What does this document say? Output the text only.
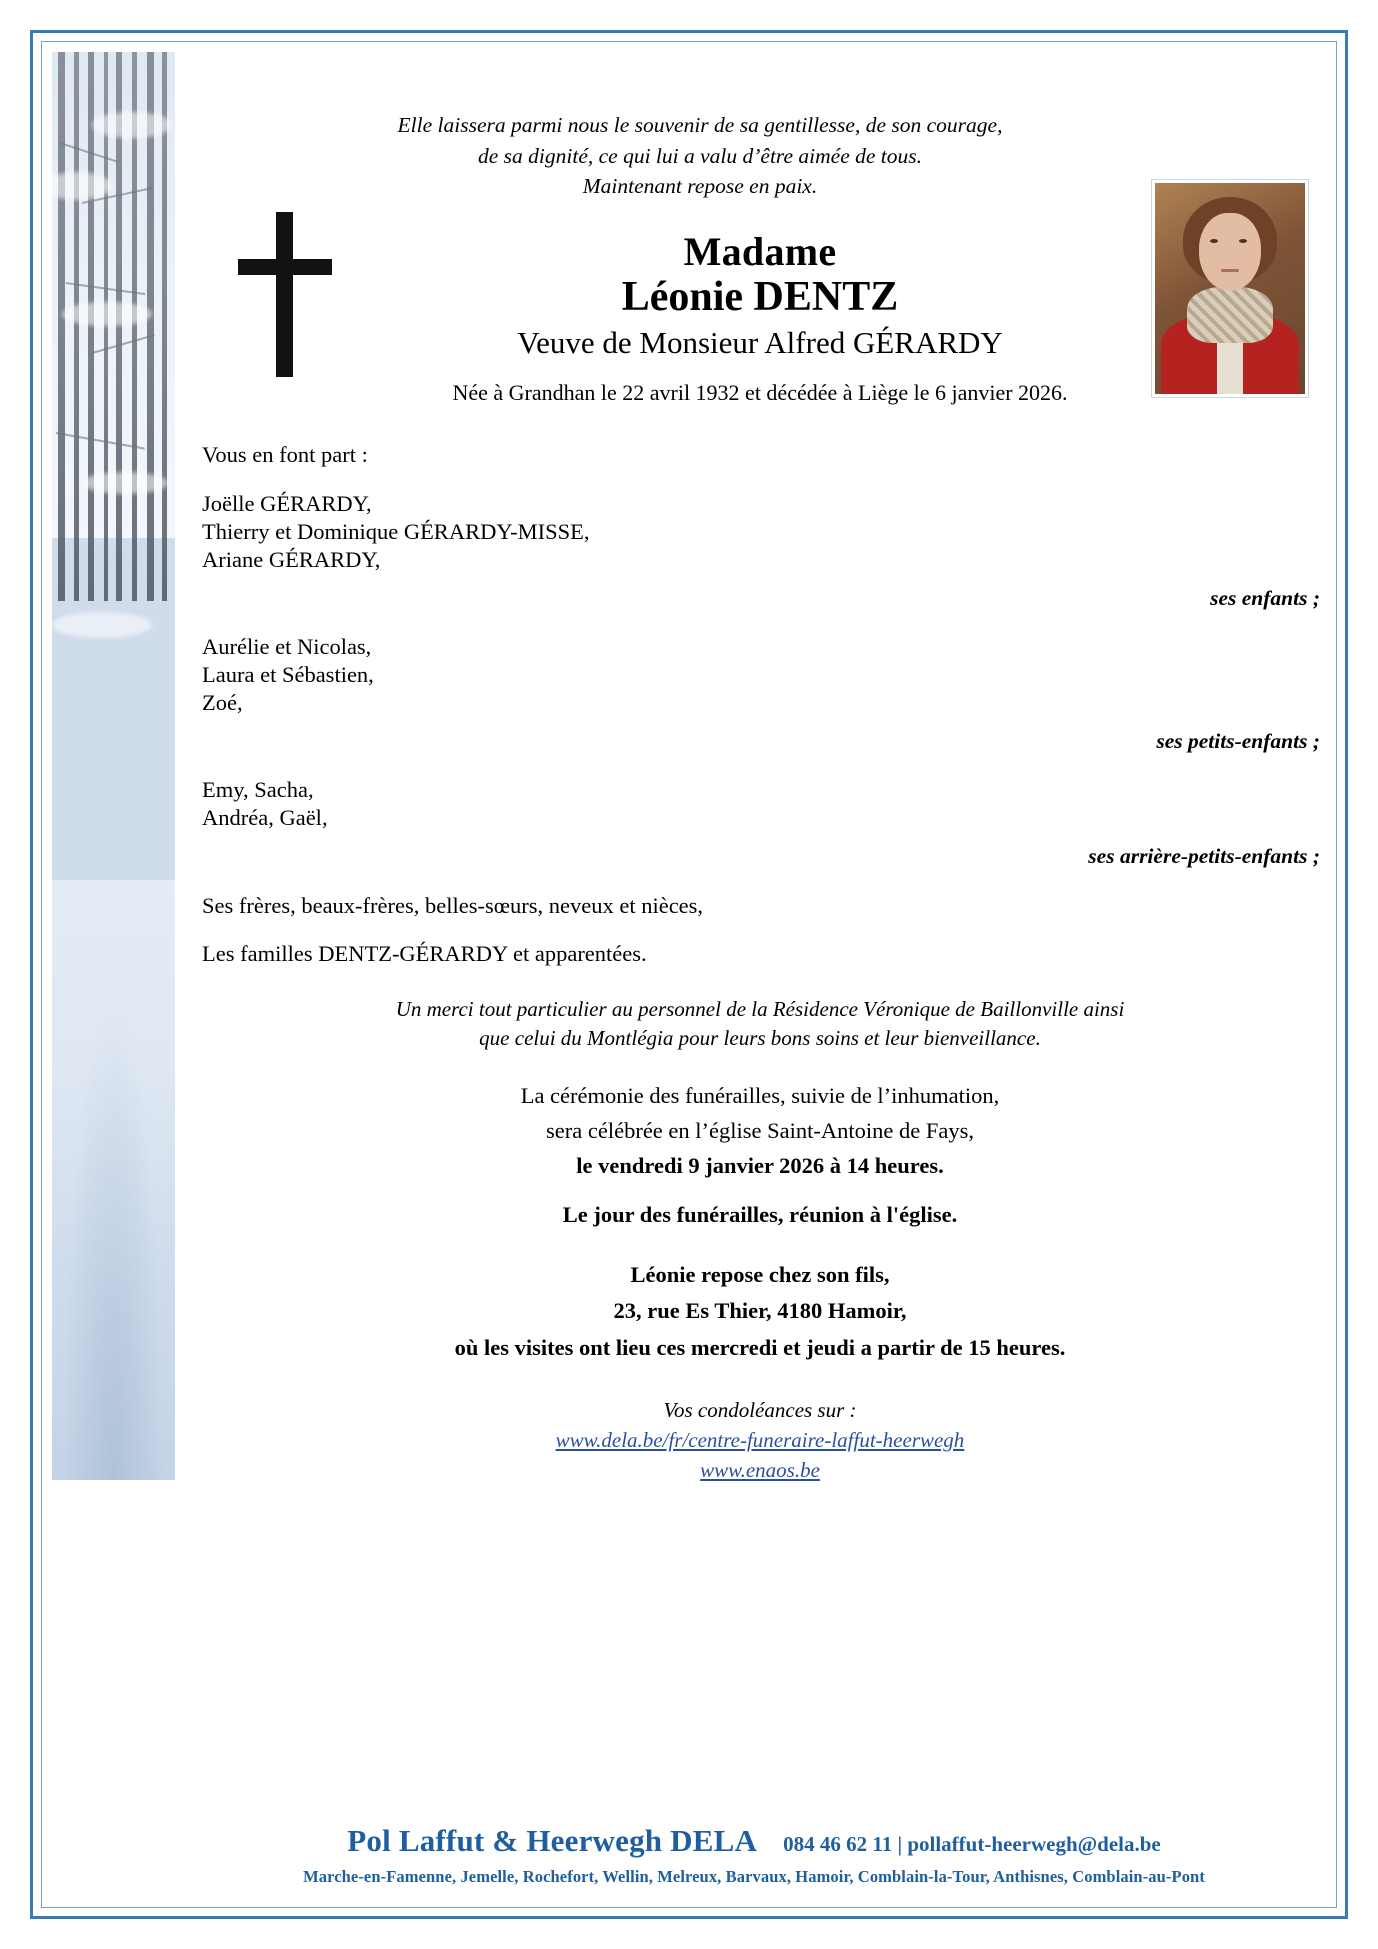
Elle laissera parmi nous le souvenir de sa gentillesse, de son courage,
de sa dignité, ce qui lui a valu d’être aimée de tous.
Maintenant repose en paix.
Madame
Léonie DENTZ
Veuve de Monsieur Alfred GÉRARDY
Née à Grandhan le 22 avril 1932 et décédée à Liège le 6 janvier 2026.
Vous en font part :
Joëlle GÉRARDY,
Thierry et Dominique GÉRARDY-MISSE,
Ariane GÉRARDY,
ses enfants ;
Aurélie et Nicolas,
Laura et Sébastien,
Zoé,
ses petits-enfants ;
Emy, Sacha,
Andréa, Gaël,
ses arrière-petits-enfants ;
Ses frères, beaux-frères, belles-sœurs, neveux et nièces,
Les familles DENTZ-GÉRARDY et apparentées.
Un merci tout particulier au personnel de la Résidence Véronique de Baillonville ainsi
que celui du Montlégia pour leurs bons soins et leur bienveillance.
La cérémonie des funérailles, suivie de l’inhumation,
sera célébrée en l’église Saint-Antoine de Fays,
le vendredi 9 janvier 2026 à 14 heures.
Le jour des funérailles, réunion à l'église.
Léonie repose chez son fils,
23, rue Es Thier, 4180 Hamoir,
où les visites ont lieu ces mercredi et jeudi a partir de 15 heures.
Vos condoléances sur :
www.dela.be/fr/centre-funeraire-laffut-heerwegh
www.enaos.be
Pol Laffut & Heerwegh DELA 084 46 62 11 | pollaffut-heerwegh@dela.be
Marche-en-Famenne, Jemelle, Rochefort, Wellin, Melreux, Barvaux, Hamoir, Comblain-la-Tour, Anthisnes, Comblain-au-Pont
